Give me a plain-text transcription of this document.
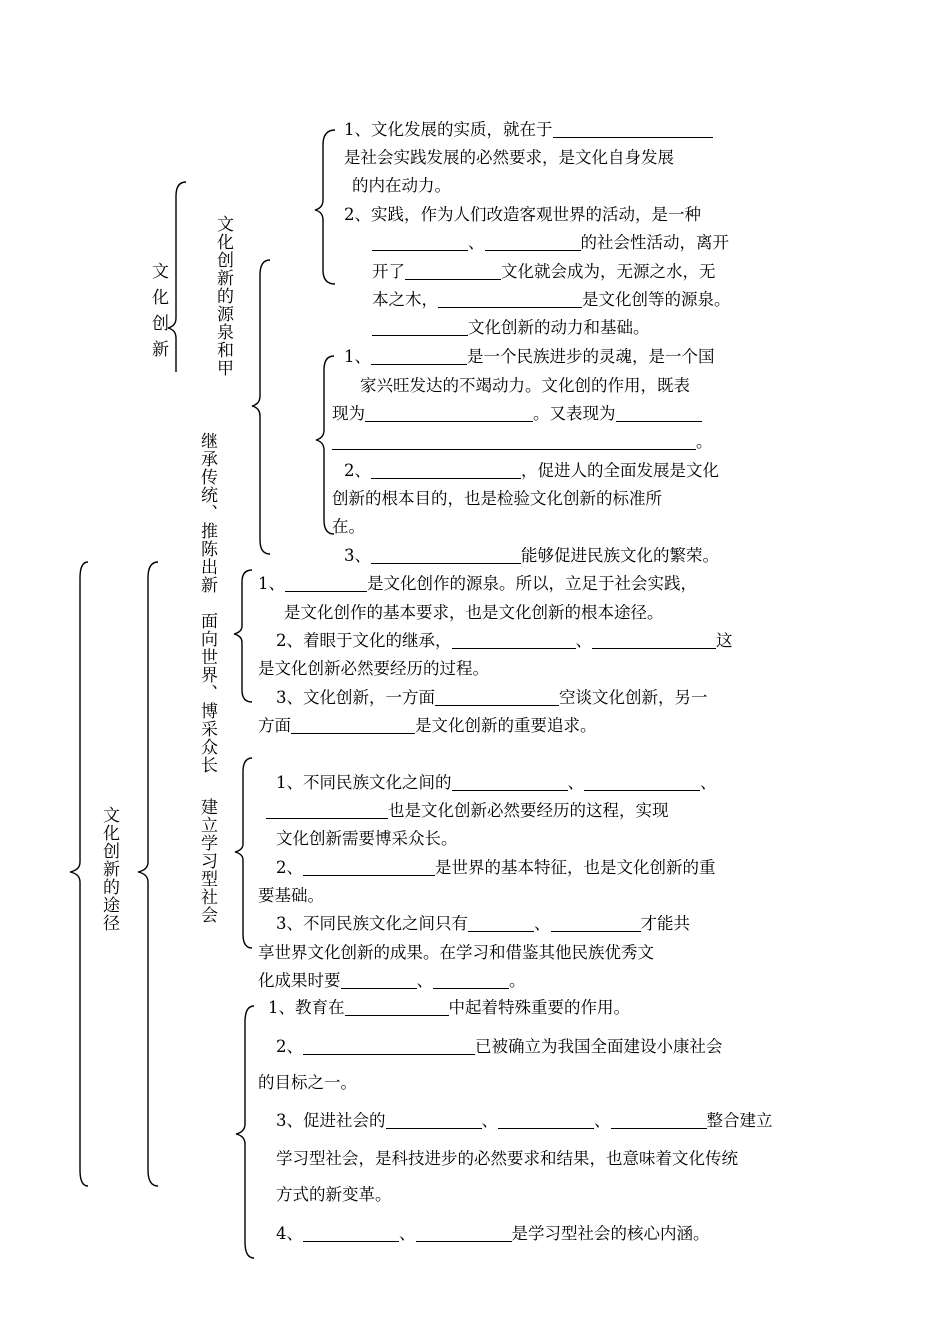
文化创新	文化创新的源泉和甲
继承传统、推陈出新
面向世界、博采众长
建立学习型社会
文化创新的途径
1、文化发展的实质，就在于
是社会实践发展的必然要求，是文化自身发展
的内在动力。
2、实践，作为人们改造客观世界的活动，是一种
、	的社会性活动，离开
开了	文化就会成为，无源之水，无
本之木，	是文化创等的源泉。
文化创新的动力和基础。
1、	是一个民族进步的灵魂，是一个国
家兴旺发达的不竭动力。文化创的作用，既表
现为	。又表现为
。
2、	，促进人的全面发展是文化
创新的根本目的，也是检验文化创新的标准所
在。
3、	能够促进民族文化的繁荣。
1、	是文化创作的源泉。所以，立足于社会实践，
是文化创作的基本要求，也是文化创新的根本途径。
2、着眼于文化的继承，	、	这
是文化创新必然要经历的过程。
3、文化创新，一方面	空谈文化创新，另一
方面	是文化创新的重要追求。
1、不同民族文化之间的	、	、
也是文化创新必然要经历的这程，实现
文化创新需要博采众长。
2、	是世界的基本特征，也是文化创新的重
要基础。
3、不同民族文化之间只有	、	才能共
享世界文化创新的成果。在学习和借鉴其他民族优秀文
化成果时要	、	。
1、教育在	中起着特殊重要的作用。
2、	已被确立为我国全面建设小康社会
的目标之一。
3、促进社会的	、	、	整合建立
学习型社会，是科技进步的必然要求和结果，也意味着文化传统
方式的新变革。
4、	、	是学习型社会的核心内涵。
